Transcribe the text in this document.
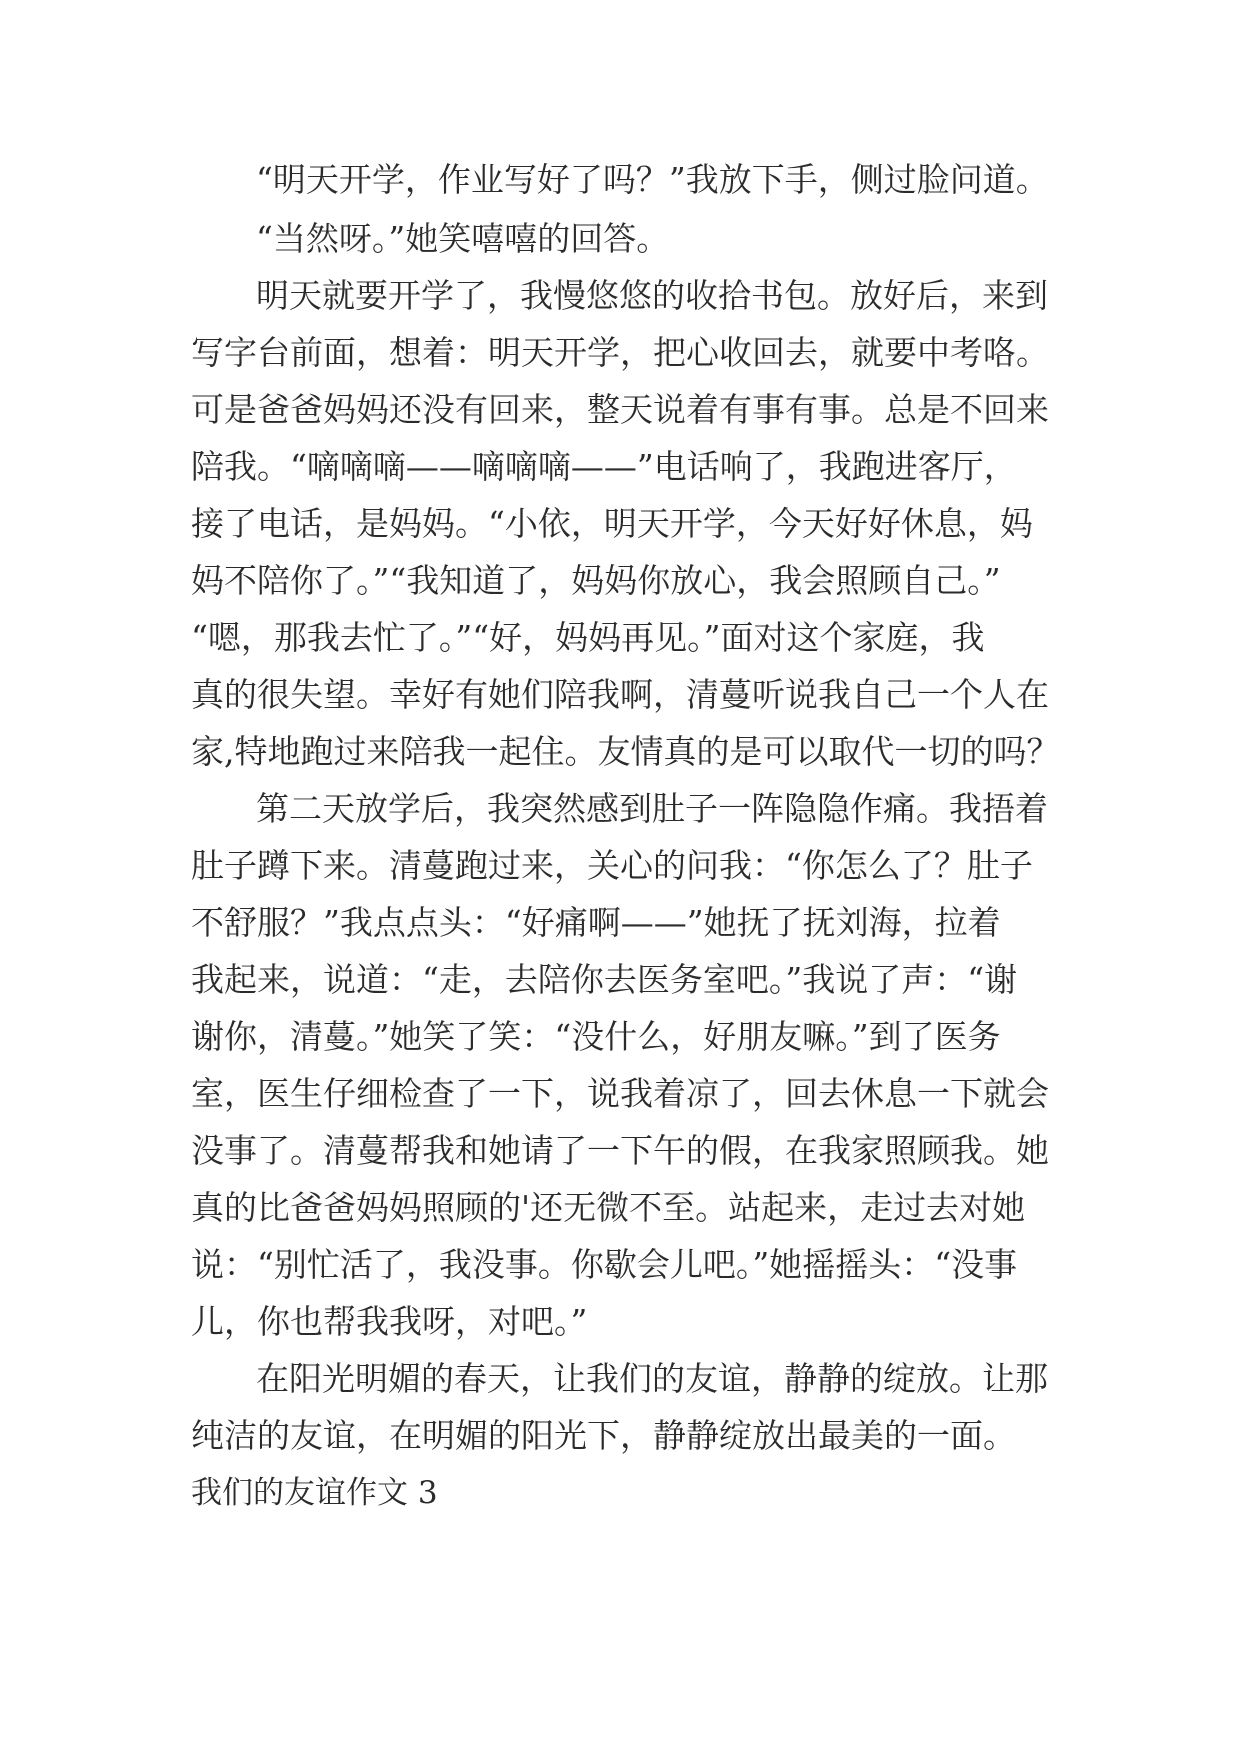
“明天开学，作业写好了吗？”我放下手，侧过脸问道。
“当然呀。”她笑嘻嘻的回答。
明天就要开学了，我慢悠悠的收拾书包。放好后，来到
写字台前面，想着：明天开学，把心收回去，就要中考咯。
可是爸爸妈妈还没有回来，整天说着有事有事。总是不回来
陪我。“嘀嘀嘀——嘀嘀嘀——”电话响了，我跑进客厅，
接了电话，是妈妈。“小依，明天开学，今天好好休息，妈
妈不陪你了。”“我知道了，妈妈你放心，我会照顾自己。”
“嗯，那我去忙了。”“好，妈妈再见。”面对这个家庭，我
真的很失望。幸好有她们陪我啊，清蔓听说我自己一个人在
家,特地跑过来陪我一起住。友情真的是可以取代一切的吗？
第二天放学后，我突然感到肚子一阵隐隐作痛。我捂着
肚子蹲下来。清蔓跑过来，关心的问我：“你怎么了？肚子
不舒服？”我点点头：“好痛啊——”她抚了抚刘海，拉着
我起来，说道：“走，去陪你去医务室吧。”我说了声：“谢
谢你，清蔓。”她笑了笑：“没什么，好朋友嘛。”到了医务
室，医生仔细检查了一下，说我着凉了，回去休息一下就会
没事了。清蔓帮我和她请了一下午的假，在我家照顾我。她
真的比爸爸妈妈照顾的'还无微不至。站起来，走过去对她
说：“别忙活了，我没事。你歇会儿吧。”她摇摇头：“没事
儿，你也帮我我呀，对吧。”
在阳光明媚的春天，让我们的友谊，静静的绽放。让那
纯洁的友谊，在明媚的阳光下，静静绽放出最美的一面。
我们的友谊作文 3
